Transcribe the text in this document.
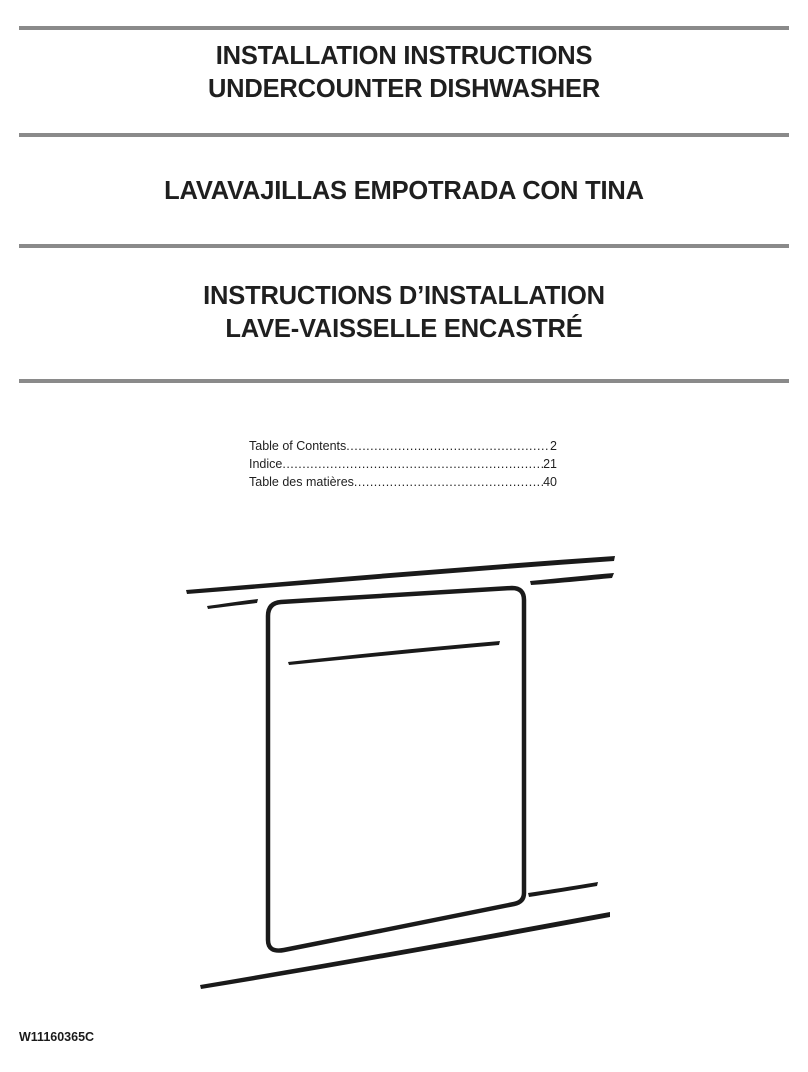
INSTALLATION INSTRUCTIONS
UNDERCOUNTER DISHWASHER
LAVAVAJILLAS EMPOTRADA CON TINA
INSTRUCTIONS D’INSTALLATION
LAVE-VAISSELLE ENCASTRÉ
Table of Contents .....	2
Indice .....	21
Table des matières .....	40
W11160365C
